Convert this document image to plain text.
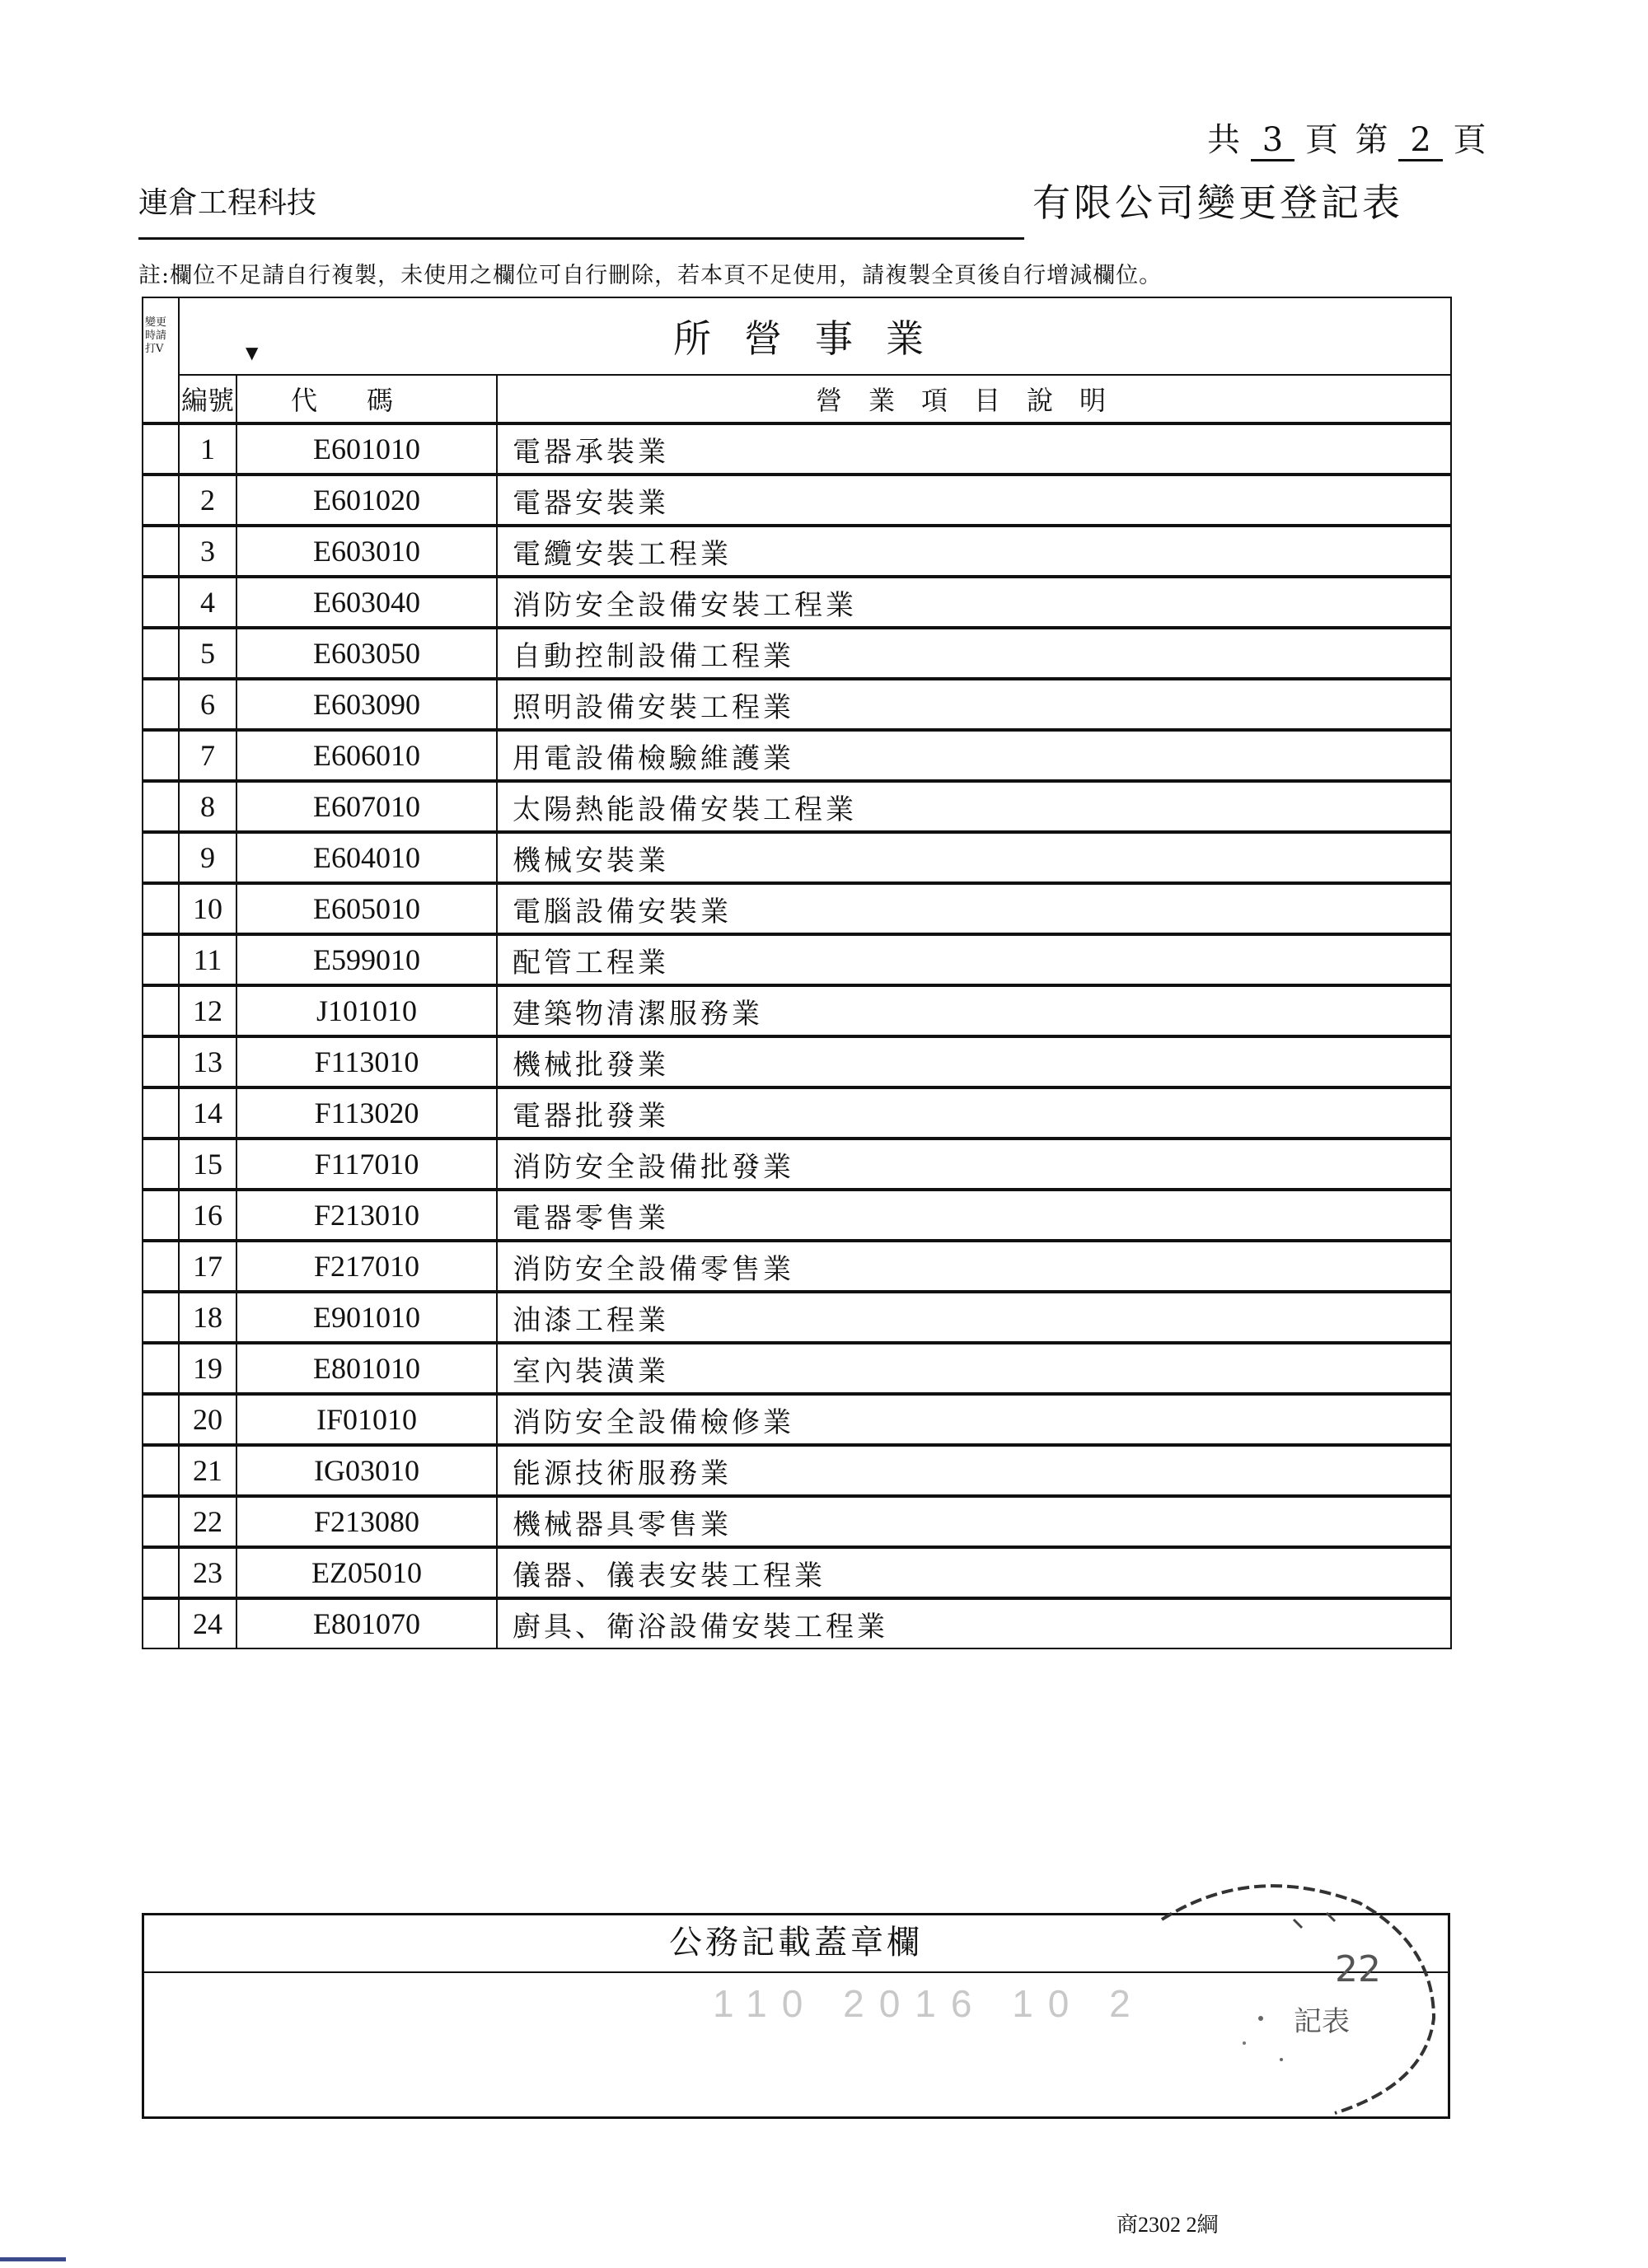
共 3 頁 第 2 頁
連倉工程科技	有限公司變更登記表
註:欄位不足請自行複製，未使用之欄位可自行刪除，若本頁不足使用，請複製全頁後自行增減欄位。
變更時請打V	▼ 所營事業		
	編號	代碼	營業項目說明
	1	E601010	電器承裝業
	2	E601020	電器安裝業
	3	E603010	電纜安裝工程業
	4	E603040	消防安全設備安裝工程業
	5	E603050	自動控制設備工程業
	6	E603090	照明設備安裝工程業
	7	E606010	用電設備檢驗維護業
	8	E607010	太陽熱能設備安裝工程業
	9	E604010	機械安裝業
	10	E605010	電腦設備安裝業
	11	E599010	配管工程業
	12	J101010	建築物清潔服務業
	13	F113010	機械批發業
	14	F113020	電器批發業
	15	F117010	消防安全設備批發業
	16	F213010	電器零售業
	17	F217010	消防安全設備零售業
	18	E901010	油漆工程業
	19	E801010	室內裝潢業
	20	IF01010	消防安全設備檢修業
	21	IG03010	能源技術服務業
	22	F213080	機械器具零售業
	23	EZ05010	儀器、儀表安裝工程業
	24	E801070	廚具、衛浴設備安裝工程業
公務記載蓋章欄
110 2016 10 2
22
記表
商2302 2綱
